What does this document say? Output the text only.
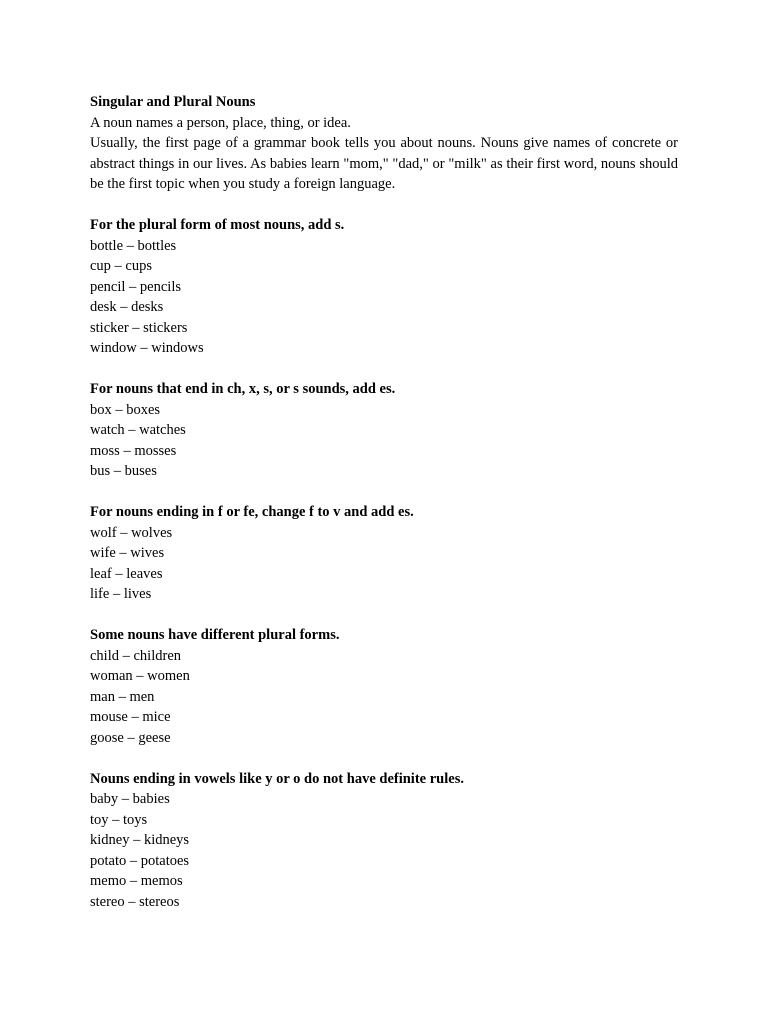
Singular and Plural Nouns

A noun names a person, place, thing, or idea.

Usually, the first page of a grammar book tells you about nouns. Nouns give names of concrete or abstract things in our lives. As babies learn "mom," "dad," or "milk" as their first word, nouns should be the first topic when you study a foreign language.

For the plural form of most nouns, add s.

bottle – bottles

cup – cups

pencil – pencils

desk – desks

sticker – stickers

window – windows

For nouns that end in ch, x, s, or s sounds, add es.

box – boxes

watch – watches

moss – mosses

bus – buses

For nouns ending in f or fe, change f to v and add es.

wolf – wolves

wife – wives

leaf – leaves

life – lives

Some nouns have different plural forms.

child – children

woman – women

man – men

mouse – mice

goose – geese

Nouns ending in vowels like y or o do not have definite rules.

baby – babies

toy – toys

kidney – kidneys

potato – potatoes

memo – memos

stereo – stereos
